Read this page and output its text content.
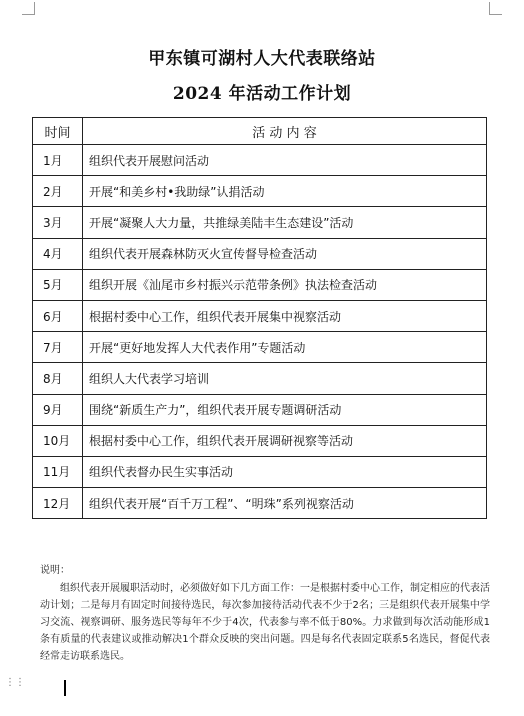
甲东镇可湖村人大代表联络站
2024 年活动工作计划
时间	活 动 内 容
1月	组织代表开展慰问活动
2月	开展“和美乡村•我助绿”认捐活动
3月	开展“凝聚人大力量，共推绿美陆丰生态建设”活动
4月	组织代表开展森林防灭火宣传督导检查活动
5月	组织开展《汕尾市乡村振兴示范带条例》执法检查活动
6月	根据村委中心工作，组织代表开展集中视察活动
7月	开展“更好地发挥人大代表作用”专题活动
8月	组织人大代表学习培训
9月	围绕“新质生产力”，组织代表开展专题调研活动
10月	根据村委中心工作，组织代表开展调研视察等活动
11月	组织代表督办民生实事活动
12月	组织代表开展“百千万工程”、“明珠”系列视察活动
说明：
组织代表开展履职活动时，必须做好如下几方面工作：一是根据村委中心工作，制定相应的代表活动计划；二是每月有固定时间接待选民，每次参加接待活动代表不少于2名；三是组织代表开展集中学习交流、视察调研、服务选民等每年不少于4次，代表参与率不低于80%。力求做到每次活动能形成1条有质量的代表建议或推动解决1个群众反映的突出问题。四是每名代表固定联系5名选民，督促代表经常走访联系选民。
⋮⋮
